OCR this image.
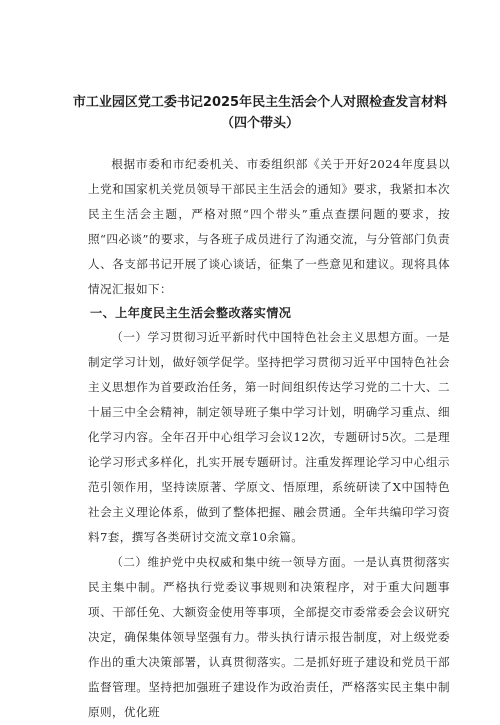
市工业园区党工委书记2025年民主生活会个人对照检查发言材料
（四个带头）

根据市委和市纪委机关、市委组织部《关于开好2024年度县以上党和国家机关党员领导干部民主生活会的通知》要求，我紧扣本次民主生活会主题，严格对照“四个带头”重点查摆问题的要求，按照“四必谈”的要求，与各班子成员进行了沟通交流，与分管部门负责人、各支部书记开展了谈心谈话，征集了一些意见和建议。现将具体情况汇报如下：

一、上年度民主生活会整改落实情况

（一）学习贯彻习近平新时代中国特色社会主义思想方面。一是制定学习计划，做好领学促学。坚持把学习贯彻习近平中国特色社会主义思想作为首要政治任务，第一时间组织传达学习党的二十大、二十届三中全会精神，制定领导班子集中学习计划，明确学习重点、细化学习内容。全年召开中心组学习会议12次，专题研讨5次。二是理论学习形式多样化，扎实开展专题研讨。注重发挥理论学习中心组示范引领作用，坚持读原著、学原文、悟原理，系统研读了X中国特色社会主义理论体系，做到了整体把握、融会贯通。全年共编印学习资料7套，撰写各类研讨交流文章10余篇。

（二）维护党中央权威和集中统一领导方面。一是认真贯彻落实民主集中制。严格执行党委议事规则和决策程序，对于重大问题事项、干部任免、大额资金使用等事项，全部提交市委常委会会议研究决定，确保集体领导坚强有力。带头执行请示报告制度，对上级党委作出的重大决策部署，认真贯彻落实。二是抓好班子建设和党员干部监督管理。坚持把加强班子建设作为政治责任，严格落实民主集中制原则，优化班
